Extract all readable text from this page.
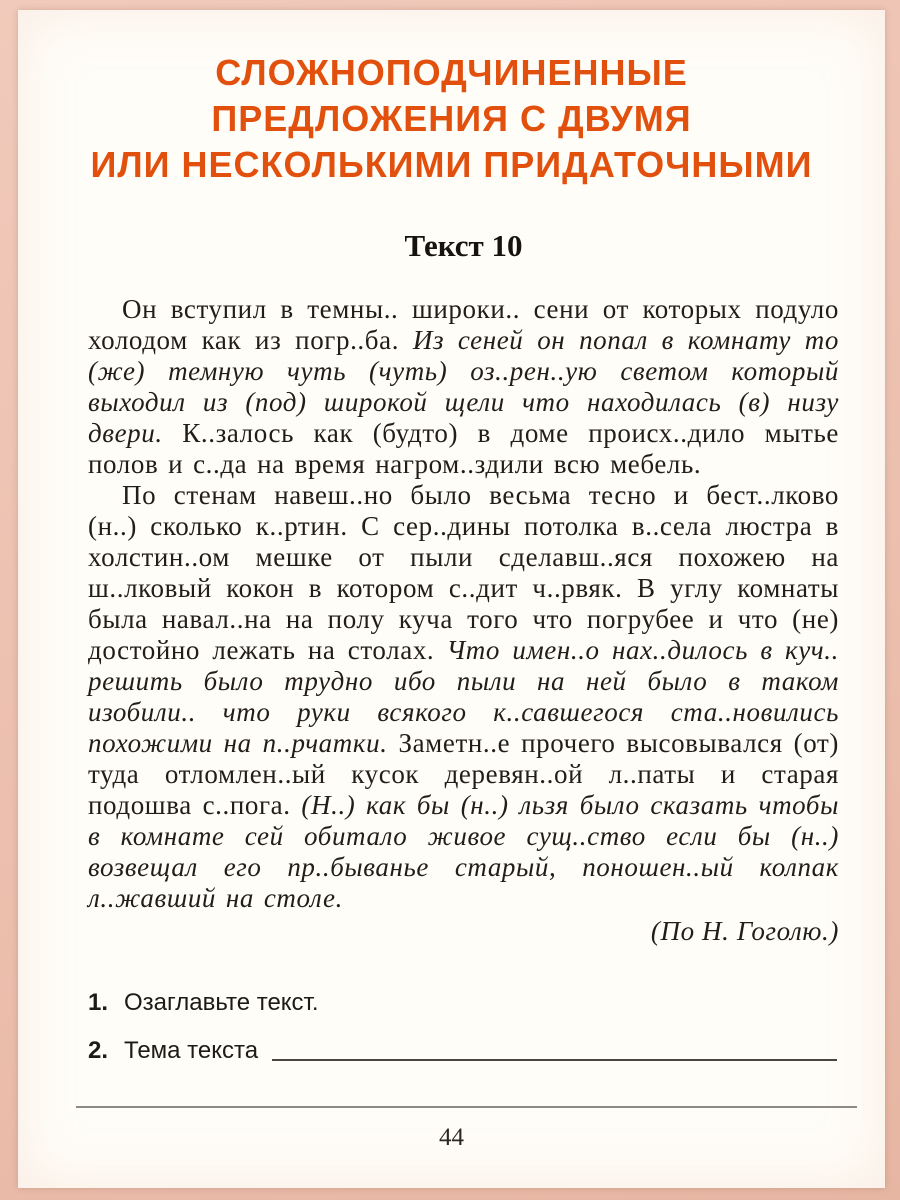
СЛОЖНОПОДЧИНЕННЫЕ
ПРЕДЛОЖЕНИЯ С ДВУМЯ
ИЛИ НЕСКОЛЬКИМИ ПРИДАТОЧНЫМИ
Текст 10

Он вступил в темны.. широки.. сени от которых подуло холодом как из погр..ба. Из сеней он попал в комнату то (же) темную чуть (чуть) оз..рен..ую светом который выходил из (под) широкой щели что находилась (в) низу двери. К..залось как (будто) в доме происх..дило мытье полов и с..да на время нагром..здили всю мебель.

По стенам навеш..но было весьма тесно и бест..лково (н..) сколько к..ртин. С сер..дины потолка в..села люстра в холстин..ом мешке от пыли сделавш..яся похожею на ш..лковый кокон в котором с..дит ч..рвяк. В углу комнаты была навал..на на полу куча того что погрубее и что (не) достойно лежать на столах. Что имен..о нах..дилось в куч.. решить было трудно ибо пыли на ней было в таком изобили.. что руки всякого к..савшегося ста..новились похожими на п..рчатки. Заметн..е прочего высовывался (от) туда отломлен..ый кусок деревян..ой л..паты и старая подошва с..пога. (Н..) как бы (н..) льзя было сказать чтобы в комнате сей обитало живое сущ..ство если бы (н..) возвещал его пр..быванье старый, поношен..ый колпак л..жавший на столе.

(По Н. Гоголю.)
1. Озаглавьте текст.
2. Тема текста
44
